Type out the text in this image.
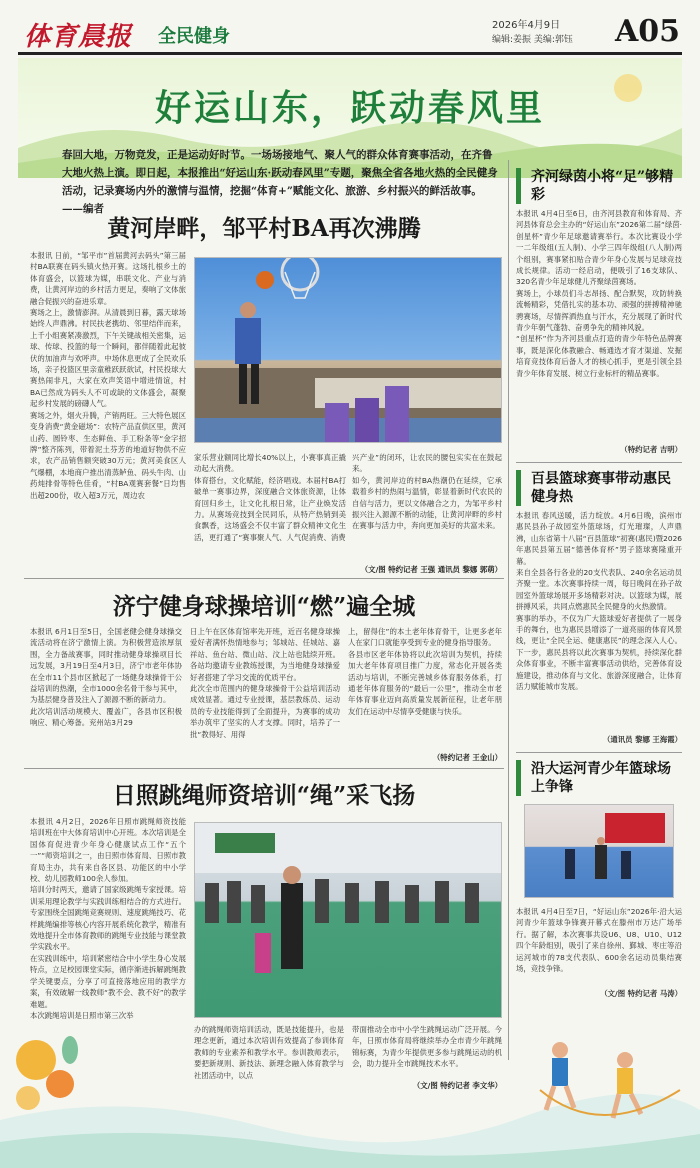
体育晨报 全民健身
2026年4月9日
编辑:姜振 美编:郭钰 A05
好运山东，跃动春风里
春回大地，万物竞发，正是运动好时节。一场场接地气、聚人气的群众体育赛事活动，在齐鲁大地火热上演。即日起，本报推出“好运山东·跃动春风里”专题，聚焦全省各地火热的全民健身活动，记录赛场内外的激情与温情，挖掘“体育+”赋能文化、旅游、乡村振兴的鲜活故事。——编者
黄河岸畔，邹平村BA再次沸腾
本报讯 日前，“邹平市”首届黄河去码头”第三届村BA联赛在码头镇火热开赛。这场扎根乡土的体育盛会，以篮球为媒，串联文化、产业与消费，让黄河岸边的乡村活力更足，奏响了文体旅融合促振兴的奋进乐章。
赛场之上，激情澎湃。从清晨到日暮，露天球场始终人声鼎沸。村民扶老携幼、邻里结伴而来，上千小组赛紧凑激烈，下午关键战相关密集，运球、传球、投篮的每一个瞬间，都伴随着此起彼伏的加油声与欢呼声。中场休息更成了全民欢乐场，亲子投篮区里亲童稚跃跃欲试，村民投球大赛热闹非凡，大家在欢声笑语中增进情谊，村BA已然成为码头人不可或缺的文体盛会，凝聚起乡村发展的磅礴人气。
赛场之外，烟火升腾，产销两旺。三大特色展区变身消费“黄金磁场”：农特产品直供区里，黄河山药、圆铃枣、生态鲜鱼、手工粉条等“金字招牌”整齐陈列，带着泥土芬芳的地道好物供不应求，农产品销售额突破30万元；黄河美食区人气爆棚，本地商户推出清蒸鲈鱼、码头牛肉、山药炖排骨等特色佳肴，“村BA观赛套餐”日均售出超200份，收入超3万元，周边农
家乐营业额同比增长40%以上，小赛事真正撬动起大消费。
体育搭台，文化赋能，经济唱戏。本届村BA打破单一赛事边界，深度融合文体旅资源，让体育回归乡土，让文化扎根日常，让产业焕发活力。从赛场竞技到全民同乐，从特产热销到美食飘香，这场盛会不仅丰富了群众精神文化生活，更打通了“赛事聚人气、人气促消费、消费
兴产业”的闭环，让农民的腰包实实在在鼓起来。
如今，黄河岸边的村BA热潮仍在延续，它承载着乡村的热闹与温情，彰显着新时代农民的自信与活力，更以文体融合之力，为邹平乡村振兴注入源源不断的动能，让黄河岸畔的乡村在赛事与活力中，奔向更加美好的共富未来。
（文/图 特约记者 王强 通讯员 黎娜 郭萌）
济宁健身球操培训“燃”遍全城
本报讯 6月1日至5日，全国老健会健身球操交流活动将在济宁激情上演。为积极营造浓厚氛围，全力备战赛事，同时推动健身球操项目长远发展，3月19日至4月3日，济宁市老年体协在全市11个县市区掀起了一场健身球操骨干公益培训的热潮，全市1000余名骨干参与其中，为基层健身普及注入了源源不断的新动力。
此次培训活动规模大、覆盖广，各县市区积极响应、精心筹备。兖州站3月29
日上午在区体育馆率先开班，近百名健身球操爱好者满怀热情地参与；邹城站、任城站、嘉祥站、鱼台站、微山站、汶上站也陆续开班。各站均邀请专业教练授课，为当地健身球操爱好者搭建了学习交流的优质平台。
此次全市范围内的健身球操骨干公益培训活动成效显著。通过专业授课，基层教练员、运动员的专业技能得到了全面提升，为赛事的成功举办筑牢了坚实的人才支撑。同时，培养了一批“教得好、用得
上，留得住”的本土老年体育骨干，让更多老年人在家门口就能享受到专业的健身指导服务。
各县市区老年体协将以此次培训为契机，持续加大老年体育项目推广力度，常态化开展各类活动与培训，不断完善城乡体育服务体系，打通老年体育服务的“最后一公里”，推动全市老年体育事业迈向高质量发展新征程，让老年朋友们在运动中尽情享受健康与快乐。
（特约记者 王金山）
日照跳绳师资培训“绳”采飞扬
本报讯 4月2日，2026年日照市跳绳师资技能培训班在中大体育培训中心开班。本次培训是全国体育促进青少年身心健康试点工作“五个一”“师资培训之一，由日照市体育局、日照市教育局主办，共有来自各区县、功能区的中小学校、幼儿园教师100余人参加。
培训分时两天，邀请了国家级跳绳专家授课。培训采用理论教学与实践训练相结合的方式进行。专家围绕全国跳绳竞赛规则、速度跳绳技巧、花样跳绳编排等核心内容开展系统化教学，精准有效地提升全市体育教师的跳绳专业技能与课堂教学实践水平。
在实践训练中，培训紧密结合中小学生身心发展特点，立足校园课堂实际，循序渐进拆解跳绳教学关键要点，分享了可直接落地应用的教学方案，有效破解一线教师“教不会、教不好”的教学难题。
本次跳绳培训是日照市第三次举
办的跳绳师资培训活动，既是技能提升，也是理念更新，通过本次培训有效提高了参训体育教师的专业素养和教学水平。参训教师表示，要把新规则、新技法、新理念融入体育教学与社团活动中，以点
带面推动全市中小学生跳绳运动广泛开展。今年，日照市体育局将继续举办全市青少年跳绳锦标赛，为青少年提供更多参与跳绳运动的机会，助力提升全市跳绳技术水平。
（文/图 特约记者 李文华）
齐河绿茵小将“足”够精彩
本报讯 4月4日至6日，由齐河县教育和体育局、齐河县体育总会主办的“好运山东”2026第二届“绿茵·创星杯”青少年足球邀请赛举行。本次比赛设小学一二年级组(五人制)、小学三四年级组(八人制)两个组别，赛事紧扣贴合青少年身心发展与足球竞技成长规律。活动一经启动，便吸引了16支球队、320名青少年足球健儿齐聚绿茵赛场。
赛场上，小球员们斗志昂扬、配合默契，攻防转换流畅精彩，凭借扎实的基本功、顽强的拼搏精神驰骋赛场，尽情挥洒热血与汗水，充分展现了新时代青少年朝气蓬勃、奋勇争先的精神风貌。
“创星杯”作为齐河县重点打造的青少年特色品牌赛事，既是深化体教融合、畅通选才育才渠道、发掘培育竞技体育后备人才的核心抓手，更是引领全县青少年体育发展、树立行业标杆的精品赛事。
（特约记者 吉明）
百县篮球赛事带动惠民健身热
本报讯 春风送暖，活力绽放。4月6日晚，滨州市惠民县孙子故园室外篮球场，灯光璀璨，人声鼎沸，山东省第十八届“百县篮球”初赛(惠民)暨2026年惠民县第五届“德善体育杯”男子篮球赛隆重开幕。
来自全县各行各业的20支代表队、240余名运动员齐聚一堂。本次赛事持续一周，每日晚间在孙子故园室外篮球场展开多场精彩对决。以篮球为媒，展拼搏风采，共同点燃惠民全民健身的火热激情。
赛事的举办，不仅为广大篮球爱好者提供了一展身手的舞台，也为惠民县增添了一道亮丽的体育风景线，更让“全民全运、健康惠民”的理念深入人心。下一步，惠民县将以此次赛事为契机，持续深化群众体育事业，不断丰富赛事活动供给，完善体育设施建设，推动体育与文化、旅游深度融合，让体育活力赋能城市发展。
（通讯员 黎娜 王海霞）
沿大运河青少年篮球场上争锋
本报讯 4月4日至7日，“好运山东”2026年·沿大运河青少年篮球争锋赛开幕式在滕州市万达广场举行。据了解，本次赛事共设U6、U8、U10、U12四个年龄组别，吸引了来自徐州、鄞城、枣庄等沿运河城市的78支代表队、600余名运动员集结赛场，竞技争锋。
（文/图 特约记者 马涛）
